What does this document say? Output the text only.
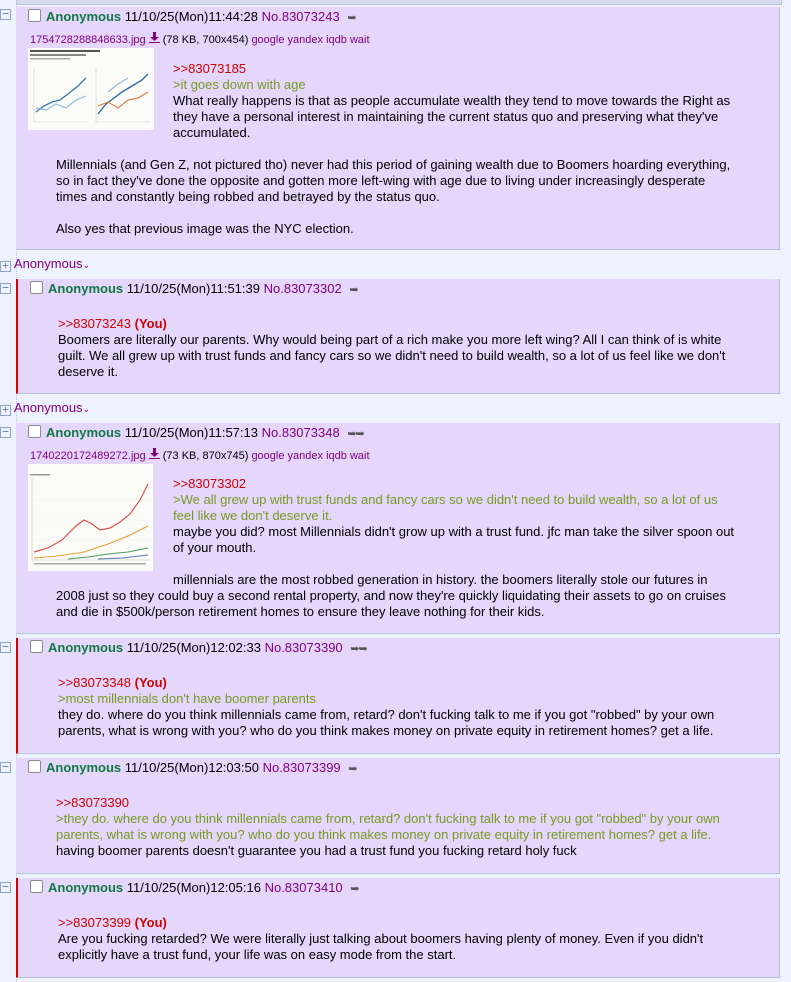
−	Anonymous 11/10/25(Mon)11:44:28 No.83073243 ➥
1754728288848633.jpg (78 KB, 700x454) google yandex iqdb wait
>>83073185
>it goes down with age
What really happens is that as people accumulate wealth they tend to move towards the Right as
they have a personal interest in maintaining the current status quo and preserving what they've
accumulated.

Millennials (and Gen Z, not pictured tho) never had this period of gaining wealth due to Boomers hoarding everything,
so in fact they've done the opposite and gotten more left-wing with age due to living under increasingly desperate
times and constantly being robbed and betrayed by the status quo.

Also yes that previous image was the NYC election.
+ Anonymous⌄
−	Anonymous 11/10/25(Mon)11:51:39 No.83073302 ➥
>>83073243 (You)
Boomers are literally our parents. Why would being part of a rich make you more left wing? All I can think of is white
guilt. We all grew up with trust funds and fancy cars so we didn't need to build wealth, so a lot of us feel like we don't
deserve it.
+ Anonymous⌄
−	Anonymous 11/10/25(Mon)11:57:13 No.83073348 ➥➥
1740220172489272.jpg (73 KB, 870x745) google yandex iqdb wait
>>83073302
>We all grew up with trust funds and fancy cars so we didn't need to build wealth, so a lot of us
feel like we don't deserve it.
maybe you did? most Millennials didn't grow up with a trust fund. jfc man take the silver spoon out
of your mouth.

millennials are the most robbed generation in history. the boomers literally stole our futures in
2008 just so they could buy a second rental property, and now they're quickly liquidating their assets to go on cruises
and die in $500k/person retirement homes to ensure they leave nothing for their kids.
−	Anonymous 11/10/25(Mon)12:02:33 No.83073390 ➥➥
>>83073348 (You)
>most millennials don't have boomer parents
they do. where do you think millennials came from, retard? don't fucking talk to me if you got "robbed" by your own
parents, what is wrong with you? who do you think makes money on private equity in retirement homes? get a life.
−	Anonymous 11/10/25(Mon)12:03:50 No.83073399 ➥
>>83073390
>they do. where do you think millennials came from, retard? don't fucking talk to me if you got "robbed" by your own
parents, what is wrong with you? who do you think makes money on private equity in retirement homes? get a life.
having boomer parents doesn't guarantee you had a trust fund you fucking retard holy fuck
−	Anonymous 11/10/25(Mon)12:05:16 No.83073410 ➥
>>83073399 (You)
Are you fucking retarded? We were literally just talking about boomers having plenty of money. Even if you didn't
explicitly have a trust fund, your life was on easy mode from the start.
